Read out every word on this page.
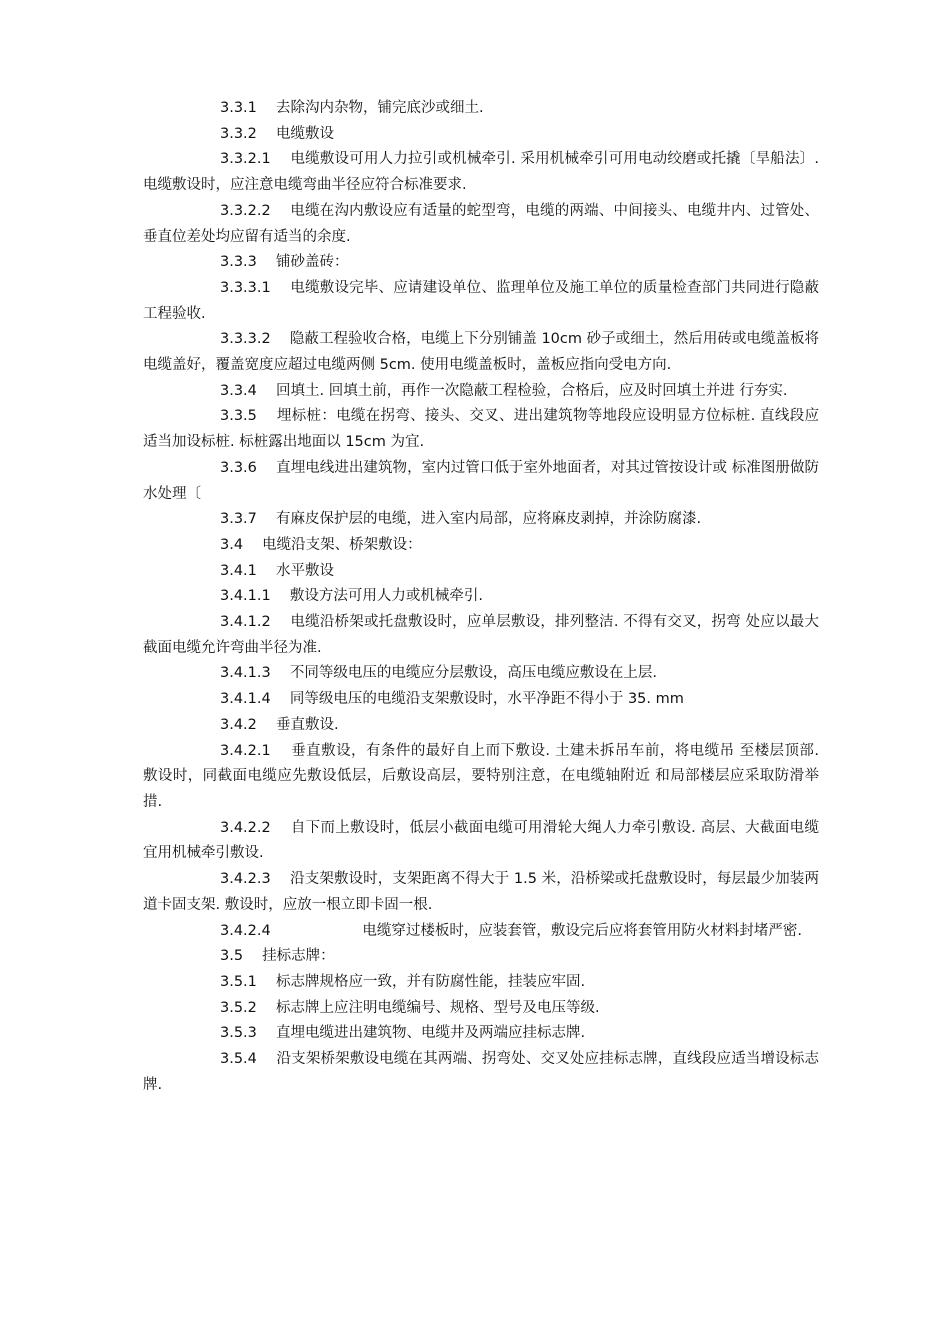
3.3.1　 去除沟内杂物，铺完底沙或细土.

3.3.2　 电缆敷设

3.3.2.1　 电缆敷设可用人力拉引或机械牵引. 采用机械牵引可用电动绞磨或托撬〔旱船法〕. 电缆敷设时，应注意电缆弯曲半径应符合标准要求.

3.3.2.2　 电缆在沟内敷设应有适量的蛇型弯，电缆的两端、中间接头、电缆井内、过管处、垂直位差处均应留有适当的余度.

3.3.3　 铺砂盖砖：

3.3.3.1　 电缆敷设完毕、应请建设单位、监理单位及施工单位的质量检查部门共同进行隐蔽工程验收.

3.3.3.2　 隐蔽工程验收合格，电缆上下分别铺盖 10cm 砂子或细土，然后用砖或电缆盖板将电缆盖好，覆盖宽度应超过电缆两侧 5cm. 使用电缆盖板时，盖板应指向受电方向.

3.3.4　 回填土. 回填土前，再作一次隐蔽工程检验，合格后，应及时回填土并进 行夯实.

3.3.5　 埋标桩：电缆在拐弯、接头、交叉、进出建筑物等地段应设明显方位标桩. 直线段应适当加设标桩. 标桩露出地面以 15cm 为宜.

3.3.6　 直埋电线进出建筑物，室内过管口低于室外地面者，对其过管按设计或 标准图册做防水处理〔

3.3.7　 有麻皮保护层的电缆，进入室内局部，应将麻皮剥掉，并涂防腐漆.

3.4　 电缆沿支架、桥架敷设：

3.4.1　 水平敷设

3.4.1.1　 敷设方法可用人力或机械牵引.

3.4.1.2　 电缆沿桥架或托盘敷设时，应单层敷设，排列整洁. 不得有交叉，拐弯 处应以最大截面电缆允许弯曲半径为准.

3.4.1.3　 不同等级电压的电缆应分层敷设，高压电缆应敷设在上层.

3.4.1.4　 同等级电压的电缆沿支架敷设时，水平净距不得小于 35. mm

3.4.2　 垂直敷设.

3.4.2.1　 垂直敷设，有条件的最好自上而下敷设. 土建未拆吊车前，将电缆吊 至楼层顶部. 敷设时，同截面电缆应先敷设低层，后敷设高层，要特别注意，在电缆轴附近 和局部楼层应采取防滑举措.

3.4.2.2　 自下而上敷设时，低层小截面电缆可用滑轮大绳人力牵引敷设. 高层、大截面电缆宜用机械牵引敷设.

3.4.2.3　 沿支架敷设时，支架距离不得大于 1.5 米，沿桥梁或托盘敷设时，每层最少加装两道卡固支架. 敷设时，应放一根立即卡固一根.

3.4.2.4　　　　　　 电缆穿过楼板时，应装套管，敷设完后应将套管用防火材料封堵严密.

3.5　 挂标志牌：

3.5.1　 标志牌规格应一致，并有防腐性能，挂装应牢固.

3.5.2　 标志牌上应注明电缆编号、规格、型号及电压等级.

3.5.3　 直埋电缆进出建筑物、电缆井及两端应挂标志牌.

3.5.4　 沿支架桥架敷设电缆在其两端、拐弯处、交叉处应挂标志牌，直线段应适当增设标志牌.
